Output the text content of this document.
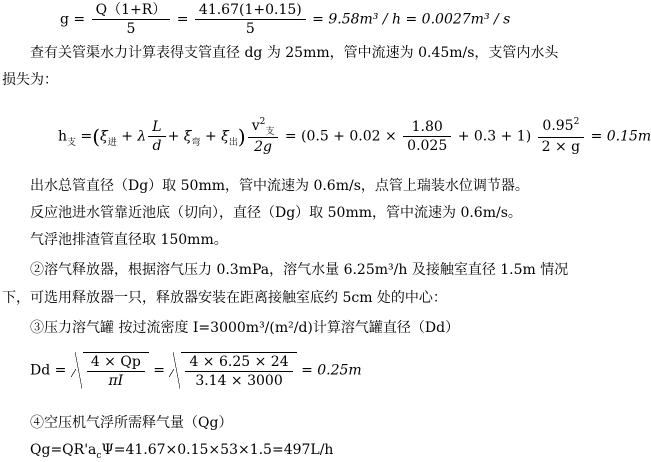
$g = \frac{Q(1+R)}{5} = \frac{41.67(1+0.15)}{5} = 9.58m^3 / h = 0.0027m^3 / s$
查有关管渠水力计算表得支管直径 dg 为 25mm，管中流速为 0.45m/s，支管内水头
损失为：
$h_支 =(\xi_进 + \lambda \frac{L}{d} + \xi_弯 + \xi_出) \frac{v^2_支}{2g} = (0.5 + 0.02 \times \frac{1.80}{0.025} + 0.3 + 1) \frac{0.95^2}{2 \times g} = 0.15m$
出水总管直径（Dg）取 50mm，管中流速为 0.6m/s，点管上瑞装水位调节器。
反应池进水管靠近池底（切向），直径（Dg）取 50mm，管中流速为 0.6m/s。
气浮池排渣管直径取 150mm。
②溶气释放器，根据溶气压力 0.3mPa，溶气水量 6.25m³/h 及接触室直径 1.5m 情况
下，可选用释放器一只，释放器安装在距离接触室底约 5cm 处的中心：
③压力溶气罐 按过流密度 I=3000m³/(m²/d)计算溶气罐直径（Dd）
$Dd = \frac{4 \times Qp}{\pi I} = \frac{4 \times 6.25 \times 24}{3.14 \times 3000} = 0.25m$
④空压机气浮所需释气量（Qg）
$Qg=QR'a_c\Psi=41.67\times 0.15\times 53\times 1.5=497L/h$
